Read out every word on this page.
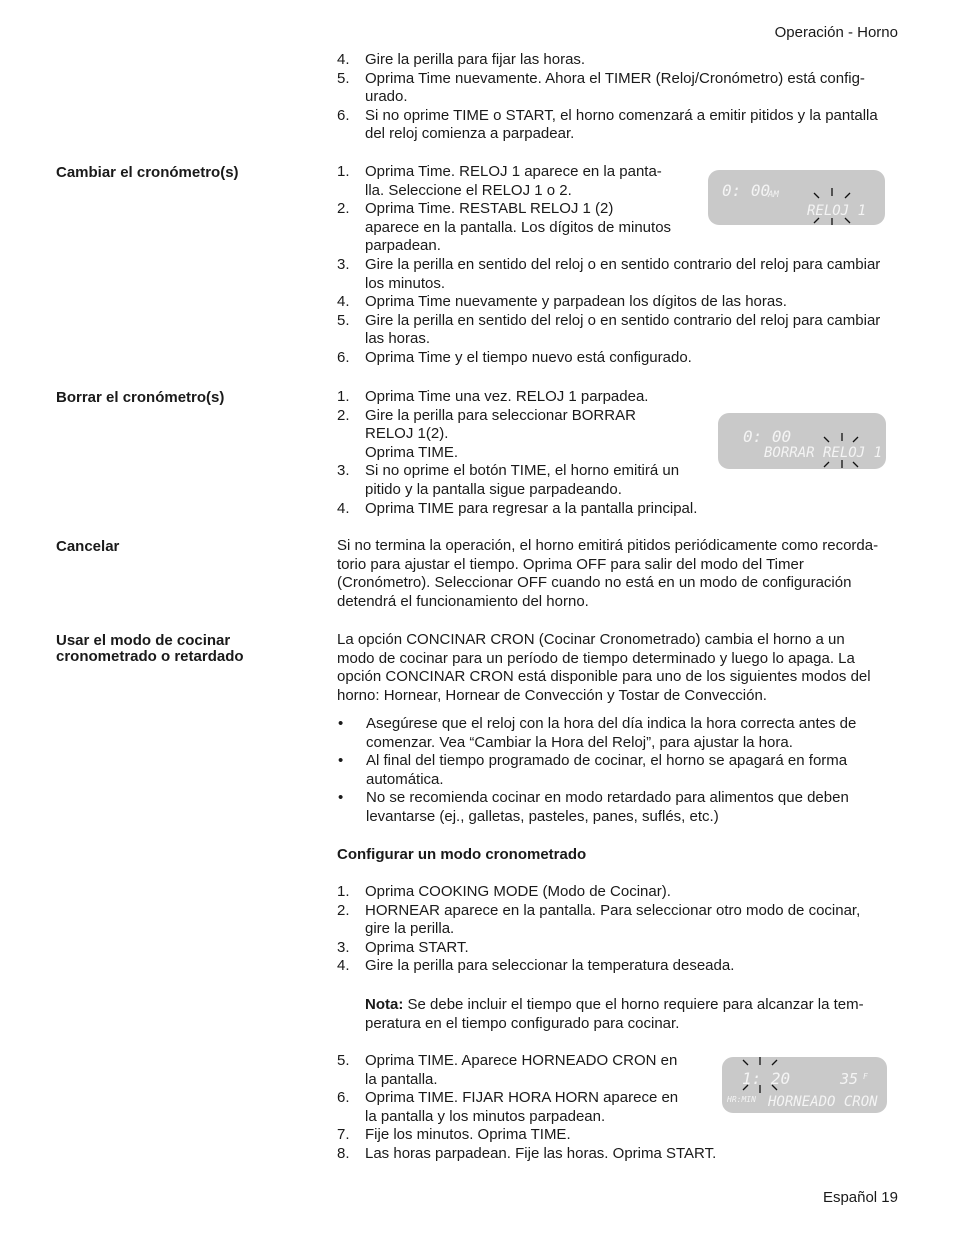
Operación - Horno
4.	Gire la perilla para fijar las horas.
5.	Oprima Time nuevamente. Ahora el TIMER (Reloj/Cronómetro) está config-
urado.
6.	Si no oprime TIME o START, el horno comenzará a emitir pitidos y la pantalla
del reloj comienza a parpadear.
Cambiar el cronómetro(s)	1.	Oprima Time. RELOJ 1 aparece en la panta-
lla. Seleccione el RELOJ 1 o 2.
2.	Oprima Time. RESTABL RELOJ 1 (2)
aparece en la pantalla. Los dígitos de minutos
parpadean.
3.	Gire la perilla en sentido del reloj o en sentido contrario del reloj para cambiar
los minutos.
4.	Oprima Time nuevamente y parpadean los dígitos de las horas.
5.	Gire la perilla en sentido del reloj o en sentido contrario del reloj para cambiar
las horas.
6.	Oprima Time y el tiempo nuevo está configurado.
0: 00
AM
RELOJ 1
Borrar el cronómetro(s)	1.	Oprima Time una vez. RELOJ 1 parpadea.
2.	Gire la perilla para seleccionar BORRAR
RELOJ 1(2).
Oprima TIME.
3.	Si no oprime el botón TIME, el horno emitirá un
pitido y la pantalla sigue parpadeando.
4.	Oprima TIME para regresar a la pantalla principal.
0: 00
BORRAR RELOJ 1
Cancelar	Si no termina la operación, el horno emitirá pitidos periódicamente como recorda-
torio para ajustar el tiempo. Oprima OFF para salir del modo del Timer
(Cronómetro). Seleccionar OFF cuando no está en un modo de configuración
detendrá el funcionamiento del horno.
Usar el modo de cocinar
cronometrado o retardado
La opción CONCINAR CRON (Cocinar Cronometrado) cambia el horno a un
modo de cocinar para un período de tiempo determinado y luego lo apaga. La
opción CONCINAR CRON está disponible para uno de los siguientes modos del
horno: Hornear, Hornear de Convección y Tostar de Convección.
•	Asegúrese que el reloj con la hora del día indica la hora correcta antes de
comenzar. Vea “Cambiar la Hora del Reloj”, para ajustar la hora.
•	Al final del tiempo programado de cocinar, el horno se apagará en forma
automática.
•	No se recomienda cocinar en modo retardado para alimentos que deben
levantarse (ej., galletas, pasteles, panes, suflés, etc.)
Configurar un modo cronometrado
1.	Oprima COOKING MODE (Modo de Cocinar).
2.	HORNEAR aparece en la pantalla. Para seleccionar otro modo de cocinar,
gire la perilla.
3.	Oprima START.
4.	Gire la perilla para seleccionar la temperatura deseada.
Nota: Se debe incluir el tiempo que el horno requiere para alcanzar la tem-
peratura en el tiempo configurado para cocinar.
5.	Oprima TIME. Aparece HORNEADO CRON en
la pantalla.
6.	Oprima TIME. FIJAR HORA HORN aparece en
la pantalla y los minutos parpadean.
7.	Fije los minutos. Oprima TIME.
8.	Las horas parpadean. Fije las horas. Oprima START.
1: 20	35 F
HR:MIN HORNEADO CRON
Español 19
